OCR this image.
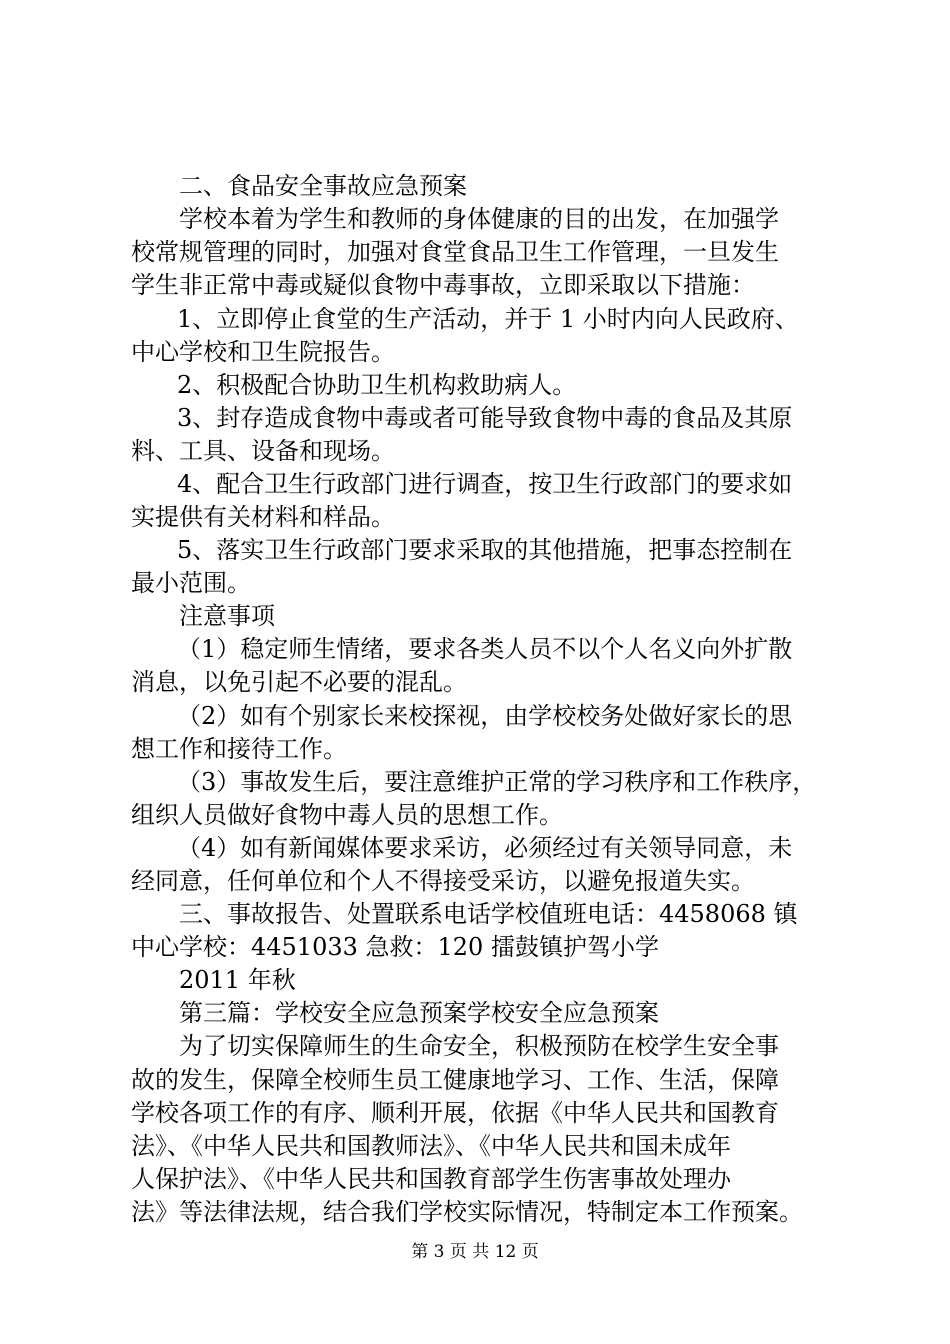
二、食品安全事故应急预案
学校本着为学生和教师的身体健康的目的出发，在加强学
校常规管理的同时，加强对食堂食品卫生工作管理，一旦发生
学生非正常中毒或疑似食物中毒事故，立即采取以下措施：
1、立即停止食堂的生产活动，并于 1 小时内向人民政府、
中心学校和卫生院报告。
2、积极配合协助卫生机构救助病人。
3、封存造成食物中毒或者可能导致食物中毒的食品及其原
料、工具、设备和现场。
4、配合卫生行政部门进行调查，按卫生行政部门的要求如
实提供有关材料和样品。
5、落实卫生行政部门要求采取的其他措施，把事态控制在
最小范围。
注意事项
（1）稳定师生情绪，要求各类人员不以个人名义向外扩散
消息，以免引起不必要的混乱。
（2）如有个别家长来校探视，由学校校务处做好家长的思
想工作和接待工作。
（3）事故发生后，要注意维护正常的学习秩序和工作秩序，
组织人员做好食物中毒人员的思想工作。
（4）如有新闻媒体要求采访，必须经过有关领导同意，未
经同意，任何单位和个人不得接受采访，以避免报道失实。
三、事故报告、处置联系电话学校值班电话：4458068 镇
中心学校：4451033 急救：120 擂鼓镇护驾小学
2011 年秋
第三篇：学校安全应急预案学校安全应急预案
为了切实保障师生的生命安全，积极预防在校学生安全事
故的发生，保障全校师生员工健康地学习、工作、生活，保障
学校各项工作的有序、顺利开展，依据《中华人民共和国教育
法》、《中华人民共和国教师法》、《中华人民共和国未成年
人保护法》、《中华人民共和国教育部学生伤害事故处理办
法》等法律法规，结合我们学校实际情况，特制定本工作预案。
第 3 页 共 12 页
